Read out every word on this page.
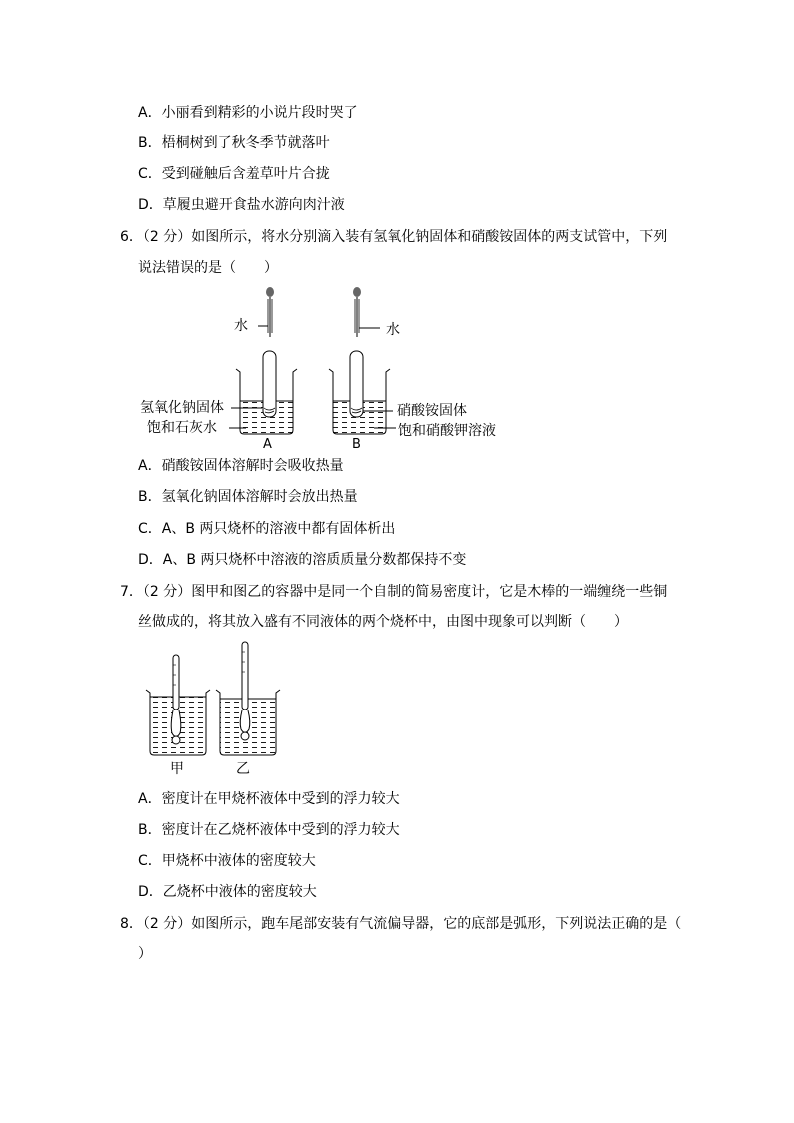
A．小丽看到精彩的小说片段时哭了
B．梧桐树到了秋冬季节就落叶
C．受到碰触后含羞草叶片合拢
D．草履虫避开食盐水游向肉汁液
6．（2 分）如图所示，将水分别滴入装有氢氧化钠固体和硝酸铵固体的两支试管中，下列
说法错误的是（　　）
水	水
氢氧化钠固体
饱和石灰水
硝酸铵固体
饱和硝酸钾溶液
A	B
A．硝酸铵固体溶解时会吸收热量
B．氢氧化钠固体溶解时会放出热量
C．A、B 两只烧杯的溶液中都有固体析出
D．A、B 两只烧杯中溶液的溶质质量分数都保持不变
7．（2 分）图甲和图乙的容器中是同一个自制的简易密度计，它是木棒的一端缠绕一些铜
丝做成的，将其放入盛有不同液体的两个烧杯中，由图中现象可以判断（　　）
甲	乙
A．密度计在甲烧杯液体中受到的浮力较大
B．密度计在乙烧杯液体中受到的浮力较大
C．甲烧杯中液体的密度较大
D．乙烧杯中液体的密度较大
8．（2 分）如图所示，跑车尾部安装有气流偏导器，它的底部是弧形，下列说法正确的是（
）
